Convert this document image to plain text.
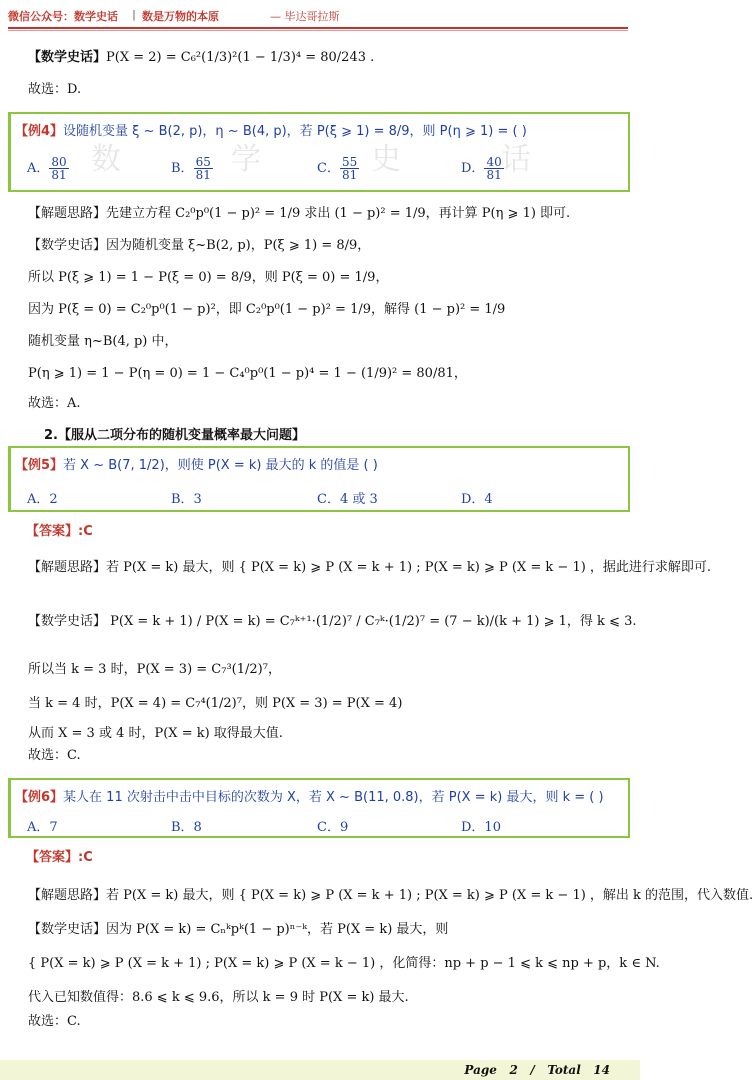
微信公众号：数学史话 | 数是万物的本原	— 毕达哥拉斯
【数学史话】P(X = 2) = C₆²(1/3)²(1 − 1/3)⁴ = 80/243 .
故选：D.
数	学	史	话
【例4】设随机变量 ξ ~ B(2, p)，η ~ B(4, p)，若 P(ξ ⩾ 1) = 8/9，则 P(η ⩾ 1) = ( )
A． $\frac{80}{81}$	B． $\frac{65}{81}$	C． $\frac{55}{81}$	D． $\frac{40}{81}$
【解题思路】先建立方程 C₂⁰p⁰(1 − p)² = 1/9 求出 (1 − p)² = 1/9，再计算 P(η ⩾ 1) 即可.
【数学史话】因为随机变量 ξ~B(2, p)，P(ξ ⩾ 1) = 8/9，
所以 P(ξ ⩾ 1) = 1 − P(ξ = 0) = 8/9，则 P(ξ = 0) = 1/9，
因为 P(ξ = 0) = C₂⁰p⁰(1 − p)²，即 C₂⁰p⁰(1 − p)² = 1/9，解得 (1 − p)² = 1/9
随机变量 η~B(4, p) 中，
P(η ⩾ 1) = 1 − P(η = 0) = 1 − C₄⁰p⁰(1 − p)⁴ = 1 − (1/9)² = 80/81，
故选：A.
2.【服从二项分布的随机变量概率最大问题】
【例5】若 X ~ B(7, 1/2)，则使 P(X = k) 最大的 k 的值是 ( )
A．2	B．3	C．4 或 3	D．4
【答案】:C
【解题思路】若 P(X = k) 最大，则 { P(X = k) ⩾ P (X = k + 1) ; P(X = k) ⩾ P (X = k − 1) ，据此进行求解即可.
【数学史话】 P(X = k + 1) / P(X = k) = C₇ᵏ⁺¹·(1/2)⁷ / C₇ᵏ·(1/2)⁷ = (7 − k)/(k + 1) ⩾ 1，得 k ⩽ 3.
所以当 k = 3 时，P(X = 3) = C₇³(1/2)⁷，
当 k = 4 时，P(X = 4) = C₇⁴(1/2)⁷，则 P(X = 3) = P(X = 4)
从而 X = 3 或 4 时，P(X = k) 取得最大值.
故选：C.
【例6】某人在 11 次射击中击中目标的次数为 X，若 X ~ B(11, 0.8)，若 P(X = k) 最大，则 k = ( )
A．7	B．8	C．9	D．10
【答案】:C
【解题思路】若 P(X = k) 最大，则 { P(X = k) ⩾ P (X = k + 1) ; P(X = k) ⩾ P (X = k − 1) ，解出 k 的范围，代入数值.
【数学史话】因为 P(X = k) = Cₙᵏpᵏ(1 − p)ⁿ⁻ᵏ，若 P(X = k) 最大，则
{ P(X = k) ⩾ P (X = k + 1) ; P(X = k) ⩾ P (X = k − 1) ，化简得：np + p − 1 ⩽ k ⩽ np + p，k ∈ N.
代入已知数值得：8.6 ⩽ k ⩽ 9.6，所以 k = 9 时 P(X = k) 最大.
故选：C.
Page 2 / Total 14
